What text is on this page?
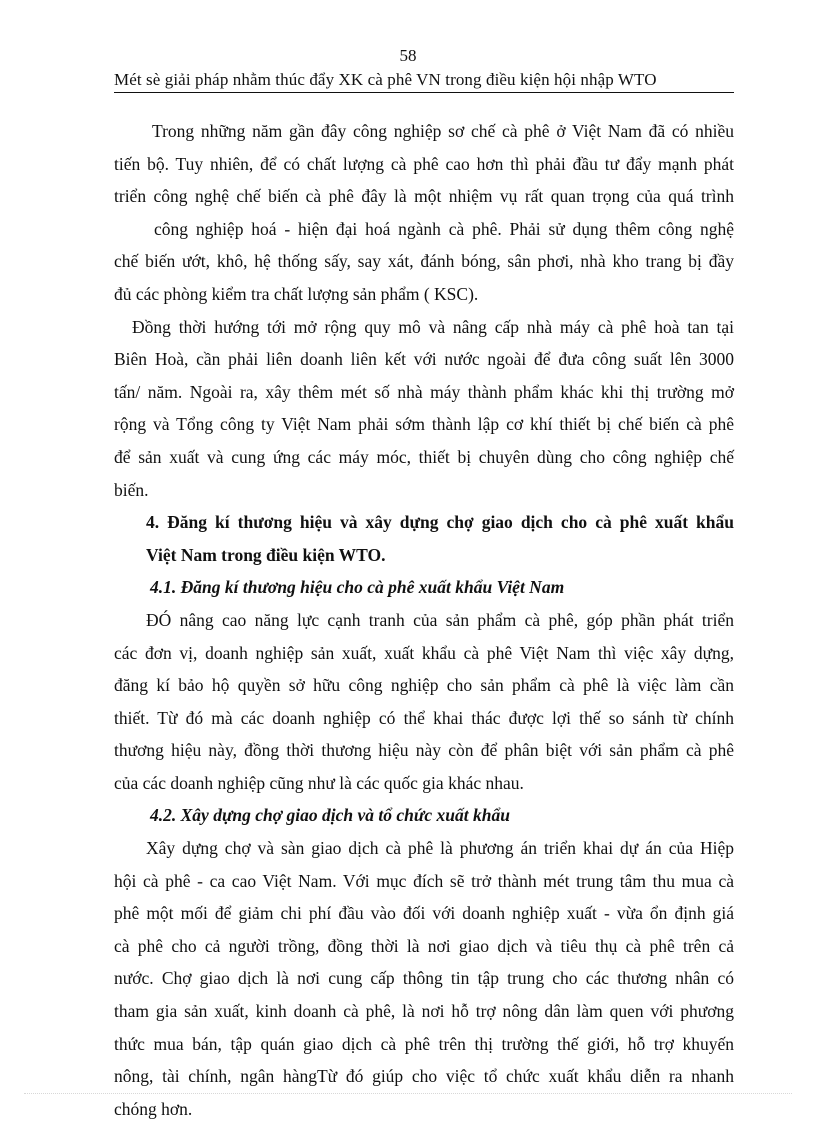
58
Mét sè giải pháp nhằm thúc đẩy XK cà phê VN trong điều kiện hội nhập WTO
Trong những năm gần đây công nghiệp sơ chế cà phê ở Việt Nam đã có nhiều
tiến bộ. Tuy nhiên, để có chất lượng cà phê cao hơn thì phải đầu tư đẩy mạnh phát
triển công nghệ chế biến cà phê đây là một nhiệm vụ rất quan trọng của quá trình
công nghiệp hoá - hiện đại hoá ngành cà phê. Phải sử dụng thêm công nghệ
chế biến ướt, khô, hệ thống sấy, say xát, đánh bóng, sân phơi, nhà kho trang bị đầy
đủ các phòng kiểm tra chất lượng sản phẩm ( KSC).
Đồng thời hướng tới mở rộng quy mô và nâng cấp nhà máy cà phê hoà tan tại
Biên Hoà, cần phải liên doanh liên kết với nước ngoài để đưa công suất lên 3000
tấn/ năm. Ngoài ra, xây thêm mét số nhà máy thành phẩm khác khi thị trường mở
rộng và Tổng công ty Việt Nam phải sớm thành lập cơ khí thiết bị chế biến cà phê
để sản xuất và cung ứng các máy móc, thiết bị chuyên dùng cho công nghiệp chế
biến.
4. Đăng kí thương hiệu và xây dựng chợ giao dịch cho cà phê xuất khẩu
Việt Nam trong điều kiện WTO.
4.1. Đăng kí thương hiệu cho cà phê xuất khẩu Việt Nam
ĐÓ nâng cao năng lực cạnh tranh của sản phẩm cà phê, góp phần phát triển
các đơn vị, doanh nghiệp sản xuất, xuất khẩu cà phê Việt Nam thì việc xây dựng,
đăng kí bảo hộ quyền sở hữu công nghiệp cho sản phẩm cà phê là việc làm cần
thiết. Từ đó mà các doanh nghiệp có thể khai thác được lợi thế so sánh từ chính
thương hiệu này, đồng thời thương hiệu này còn để phân biệt với sản phẩm cà phê
của các doanh nghiệp cũng như là các quốc gia khác nhau.
4.2. Xây dựng chợ giao dịch và tổ chức xuất khẩu
Xây dựng chợ và sàn giao dịch cà phê là phương án triển khai dự án của Hiệp
hội cà phê - ca cao Việt Nam. Với mục đích sẽ trở thành mét trung tâm thu mua cà
phê một mối để giảm chi phí đầu vào đối với doanh nghiệp xuất - vừa ổn định giá
cà phê cho cả người trồng, đồng thời là nơi giao dịch và tiêu thụ cà phê trên cả
nước. Chợ giao dịch là nơi cung cấp thông tin tập trung cho các thương nhân có
tham gia sản xuất, kinh doanh cà phê, là nơi hỗ trợ nông dân làm quen với phương
thức mua bán, tập quán giao dịch cà phê trên thị trường thế giới, hỗ trợ khuyến
nông, tài chính, ngân hàngTừ đó giúp cho việc tổ chức xuất khẩu diễn ra nhanh
chóng hơn.
